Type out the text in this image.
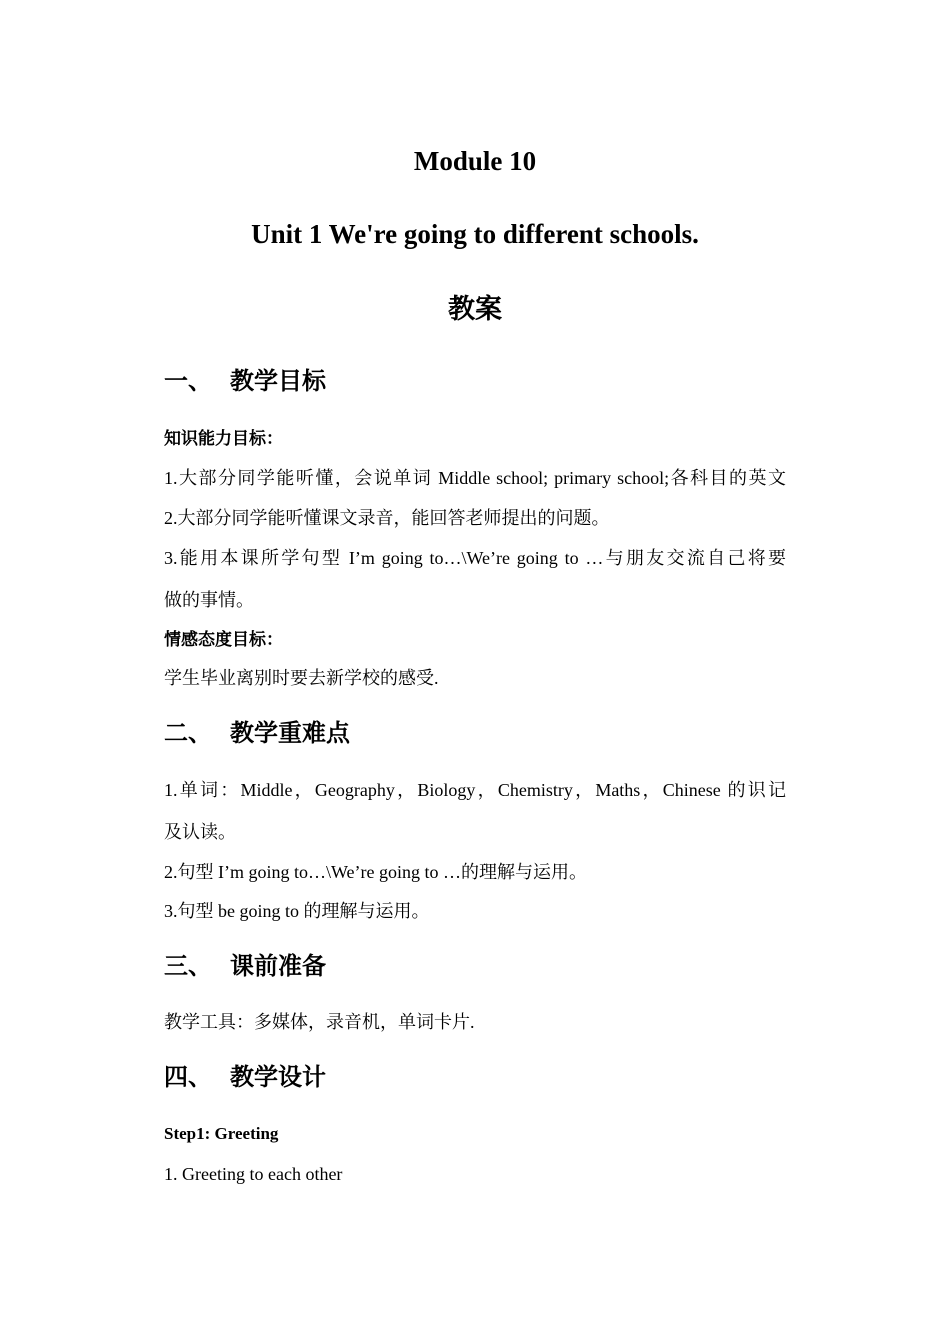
Module 10
Unit 1 We're going to different schools.
教案
一、 教学目标
知识能力目标：
1.大部分同学能听懂，会说单词 Middle school; primary school;各科目的英文
2.大部分同学能听懂课文录音，能回答老师提出的问题。
3.能用本课所学句型 I’m going to…\We’re going to …与朋友交流自己将要
做的事情。
情感态度目标：
学生毕业离别时要去新学校的感受.
二、 教学重难点
1.单词：Middle，Geography，Biology，Chemistry，Maths，Chinese 的识记
及认读。
2.句型 I’m going to…\We’re going to …的理解与运用。
3.句型 be going to 的理解与运用。
三、 课前准备
教学工具：多媒体，录音机，单词卡片.
四、 教学设计
Step1: Greeting
1. Greeting to each other
